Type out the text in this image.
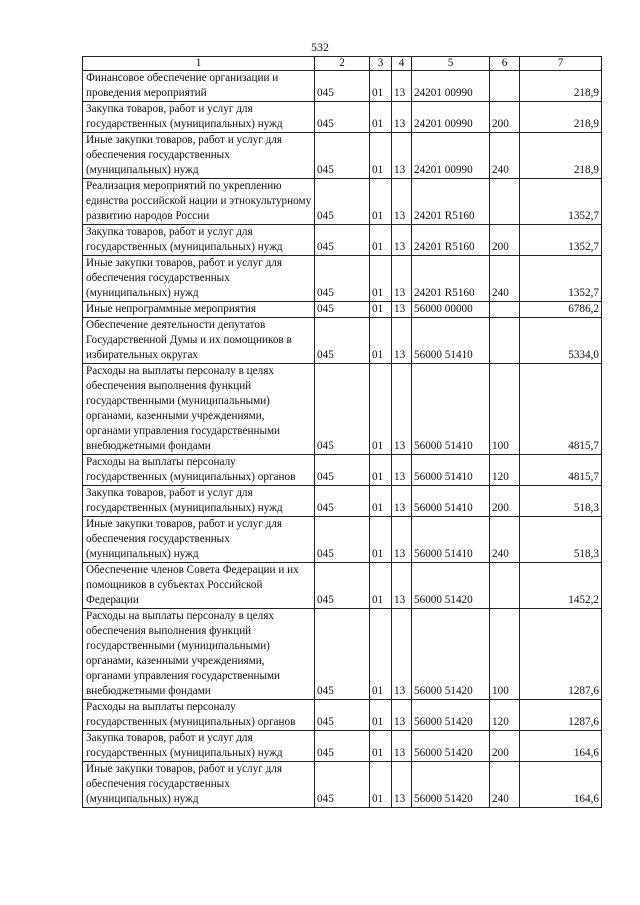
532
1	2	3	4	5	6	7
Финансовое обеспечение организации и проведения мероприятий	045	01	13	24201 00990		218,9
Закупка товаров, работ и услуг для государственных (муниципальных) нужд	045	01	13	24201 00990	200	218,9
Иные закупки товаров, работ и услуг для обеспечения государственных (муниципальных) нужд	045	01	13	24201 00990	240	218,9
Реализация мероприятий по укреплению единства российской нации и этнокультурному развитию народов России	045	01	13	24201 R5160		1352,7
Закупка товаров, работ и услуг для государственных (муниципальных) нужд	045	01	13	24201 R5160	200	1352,7
Иные закупки товаров, работ и услуг для обеспечения государственных (муниципальных) нужд	045	01	13	24201 R5160	240	1352,7
Иные непрограммные мероприятия	045	01	13	56000 00000		6786,2
Обеспечение деятельности депутатов Государственной Думы и их помощников в избирательных округах	045	01	13	56000 51410		5334,0
Расходы на выплаты персоналу в целях обеспечения выполнения функций государственными (муниципальными) органами, казенными учреждениями, органами управления государственными внебюджетными фондами	045	01	13	56000 51410	100	4815,7
Расходы на выплаты персоналу государственных (муниципальных) органов	045	01	13	56000 51410	120	4815,7
Закупка товаров, работ и услуг для государственных (муниципальных) нужд	045	01	13	56000 51410	200	518,3
Иные закупки товаров, работ и услуг для обеспечения государственных (муниципальных) нужд	045	01	13	56000 51410	240	518,3
Обеспечение членов Совета Федерации и их помощников в субъектах Российской Федерации	045	01	13	56000 51420		1452,2
Расходы на выплаты персоналу в целях обеспечения выполнения функций государственными (муниципальными) органами, казенными учреждениями, органами управления государственными внебюджетными фондами	045	01	13	56000 51420	100	1287,6
Расходы на выплаты персоналу государственных (муниципальных) органов	045	01	13	56000 51420	120	1287,6
Закупка товаров, работ и услуг для государственных (муниципальных) нужд	045	01	13	56000 51420	200	164,6
Иные закупки товаров, работ и услуг для обеспечения государственных (муниципальных) нужд	045	01	13	56000 51420	240	164,6
